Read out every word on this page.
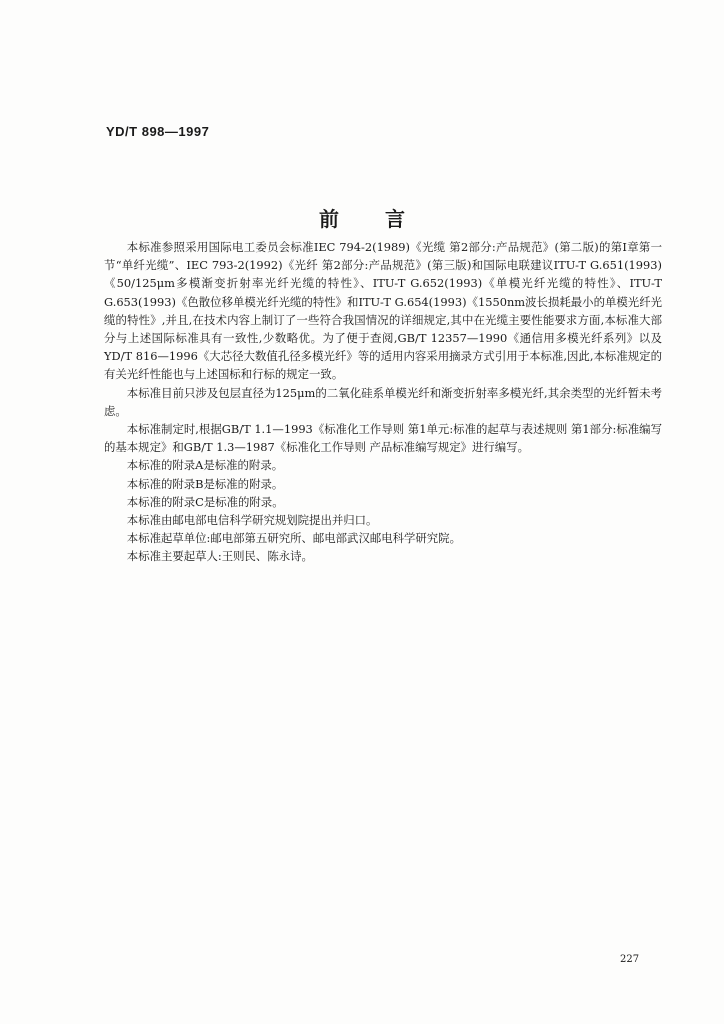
YD/T 898—1997
前言

本标准参照采用国际电工委员会标准IEC 794-2(1989)《光缆 第2部分:产品规范》(第二版)的第Ⅰ章第一节“单纤光缆”、IEC 793-2(1992)《光纤 第2部分:产品规范》(第三版)和国际电联建议ITU-T G.651(1993)《50/125μm多模渐变折射率光纤光缆的特性》、ITU-T G.652(1993)《单模光纤光缆的特性》、ITU-T G.653(1993)《色散位移单模光纤光缆的特性》和ITU-T G.654(1993)《1550nm波长损耗最小的单模光纤光缆的特性》,并且,在技术内容上制订了一些符合我国情况的详细规定,其中在光缆主要性能要求方面,本标准大部分与上述国际标准具有一致性,少数略优。为了便于查阅,GB/T 12357—1990《通信用多模光纤系列》以及YD/T 816—1996《大芯径大数值孔径多模光纤》等的适用内容采用摘录方式引用于本标准,因此,本标准规定的有关光纤性能也与上述国标和行标的规定一致。

本标准目前只涉及包层直径为125μm的二氧化硅系单模光纤和渐变折射率多模光纤,其余类型的光纤暂未考虑。

本标准制定时,根据GB/T 1.1—1993《标准化工作导则 第1单元:标准的起草与表述规则 第1部分:标准编写的基本规定》和GB/T 1.3—1987《标准化工作导则 产品标准编写规定》进行编写。

本标准的附录A是标准的附录。

本标准的附录B是标准的附录。

本标准的附录C是标准的附录。

本标准由邮电部电信科学研究规划院提出并归口。

本标准起草单位:邮电部第五研究所、邮电部武汉邮电科学研究院。

本标准主要起草人:王则民、陈永诗。

227
